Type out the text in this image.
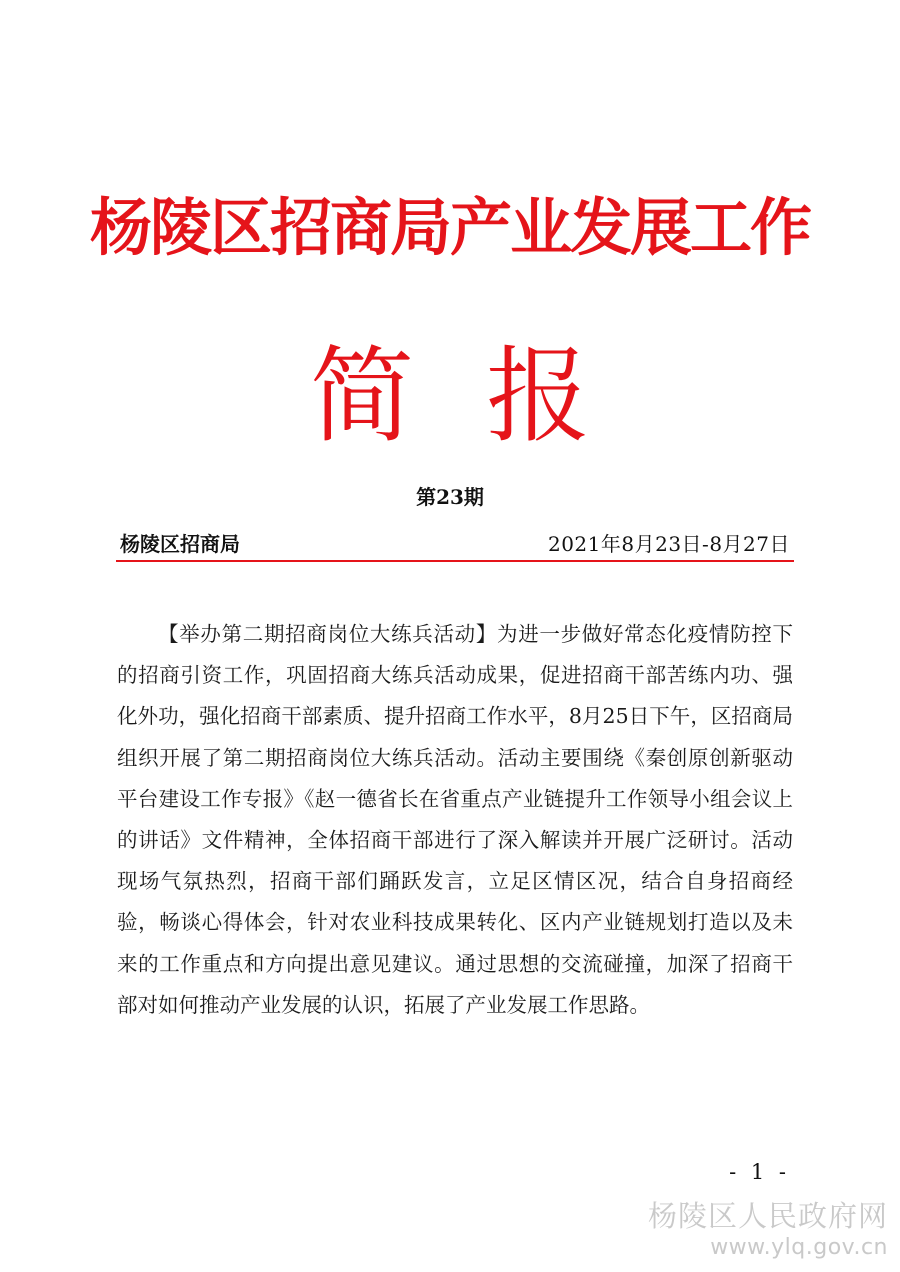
杨陵区招商局产业发展工作
简报
第23期
杨陵区招商局	2021年8月23日-8月27日

【举办第二期招商岗位大练兵活动】为进一步做好常态化疫情防控下的招商引资工作，巩固招商大练兵活动成果，促进招商干部苦练内功、强化外功，强化招商干部素质、提升招商工作水平，8月25日下午，区招商局组织开展了第二期招商岗位大练兵活动。活动主要围绕《秦创原创新驱动平台建设工作专报》《赵一德省长在省重点产业链提升工作领导小组会议上的讲话》文件精神，全体招商干部进行了深入解读并开展广泛研讨。活动现场气氛热烈，招商干部们踊跃发言，立足区情区况，结合自身招商经验，畅谈心得体会，针对农业科技成果转化、区内产业链规划打造以及未来的工作重点和方向提出意见建议。通过思想的交流碰撞，加深了招商干部对如何推动产业发展的认识，拓展了产业发展工作思路。

- 1 -
杨陵区人民政府网
www.ylq.gov.cn
